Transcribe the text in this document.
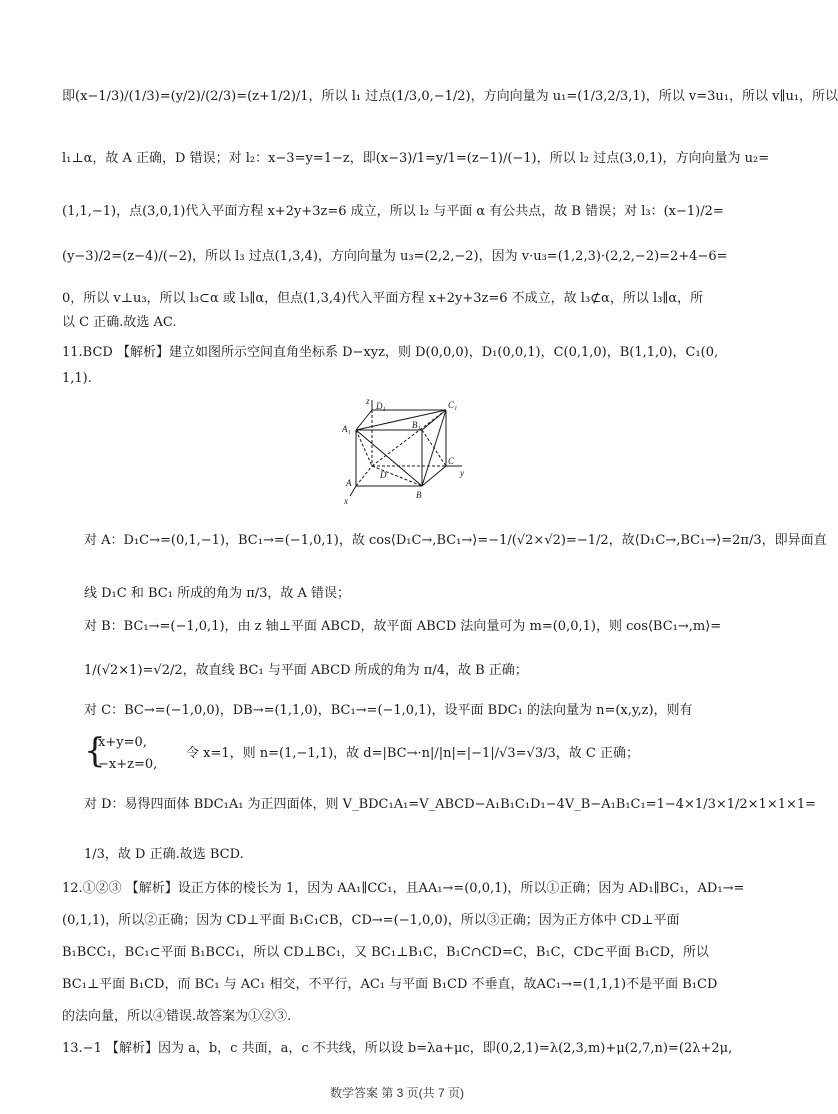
即(x−1/3)/(1/3)=(y/2)/(2/3)=(z+1/2)/1，所以 l₁ 过点(1/3,0,−1/2)，方向向量为 u₁=(1/3,2/3,1)，所以 v=3u₁，所以 v∥u₁，所以
l₁⊥α，故 A 正确，D 错误；对 l₂：x−3=y=1−z，即(x−3)/1=y/1=(z−1)/(−1)，所以 l₂ 过点(3,0,1)，方向向量为 u₂=
(1,1,−1)，点(3,0,1)代入平面方程 x+2y+3z=6 成立，所以 l₂ 与平面 α 有公共点，故 B 错误；对 l₃：(x−1)/2=
(y−3)/2=(z−4)/(−2)，所以 l₃ 过点(1,3,4)，方向向量为 u₃=(2,2,−2)，因为 v·u₃=(1,2,3)·(2,2,−2)=2+4−6=
0，所以 v⊥u₃，所以 l₃⊂α 或 l₃∥α，但点(1,3,4)代入平面方程 x+2y+3z=6 不成立，故 l₃⊄α，所以 l₃∥α，所
以 C 正确.故选 AC.
11.BCD 【解析】建立如图所示空间直角坐标系 D−xyz，则 D(0,0,0)，D₁(0,0,1)，C(0,1,0)，B(1,1,0)，C₁(0,
1,1).
z D₁	C₁
A₁	B₁
D
C
y
A
B
x
对 A：D₁C→=(0,1,−1)，BC₁→=(−1,0,1)，故 cos⟨D₁C→,BC₁→⟩=−1/(√2×√2)=−1/2，故⟨D₁C→,BC₁→⟩=2π/3，即异面直
线 D₁C 和 BC₁ 所成的角为 π/3，故 A 错误；
对 B：BC₁→=(−1,0,1)，由 z 轴⊥平面 ABCD，故平面 ABCD 法向量可为 m=(0,0,1)，则 cos⟨BC₁→,m⟩=
1/(√2×1)=√2/2，故直线 BC₁ 与平面 ABCD 所成的角为 π/4，故 B 正确；
对 C：BC→=(−1,0,0)，DB→=(1,1,0)，BC₁→=(−1,0,1)，设平面 BDC₁ 的法向量为 n=(x,y,z)，则有
{
x+y=0,
−x+z=0,
令 x=1，则 n=(1,−1,1)，故 d=|BC→·n|/|n|=|−1|/√3=√3/3，故 C 正确；
对 D：易得四面体 BDC₁A₁ 为正四面体，则 V_BDC₁A₁=V_ABCD−A₁B₁C₁D₁−4V_B−A₁B₁C₁=1−4×1/3×1/2×1×1×1=
1/3，故 D 正确.故选 BCD.
12.①②③ 【解析】设正方体的棱长为 1，因为 AA₁∥CC₁，且AA₁→=(0,0,1)，所以①正确；因为 AD₁∥BC₁，AD₁→=
(0,1,1)，所以②正确；因为 CD⊥平面 B₁C₁CB，CD→=(−1,0,0)，所以③正确；因为正方体中 CD⊥平面
B₁BCC₁，BC₁⊂平面 B₁BCC₁，所以 CD⊥BC₁，又 BC₁⊥B₁C，B₁C∩CD=C，B₁C，CD⊂平面 B₁CD，所以
BC₁⊥平面 B₁CD，而 BC₁ 与 AC₁ 相交，不平行，AC₁ 与平面 B₁CD 不垂直，故AC₁→=(1,1,1)不是平面 B₁CD
的法向量，所以④错误.故答案为①②③.
13.−1 【解析】因为 a，b，c 共面，a，c 不共线，所以设 b=λa+μc，即(0,2,1)=λ(2,3,m)+μ(2,7,n)=(2λ+2μ,
数学答案 第 3 页(共 7 页)
